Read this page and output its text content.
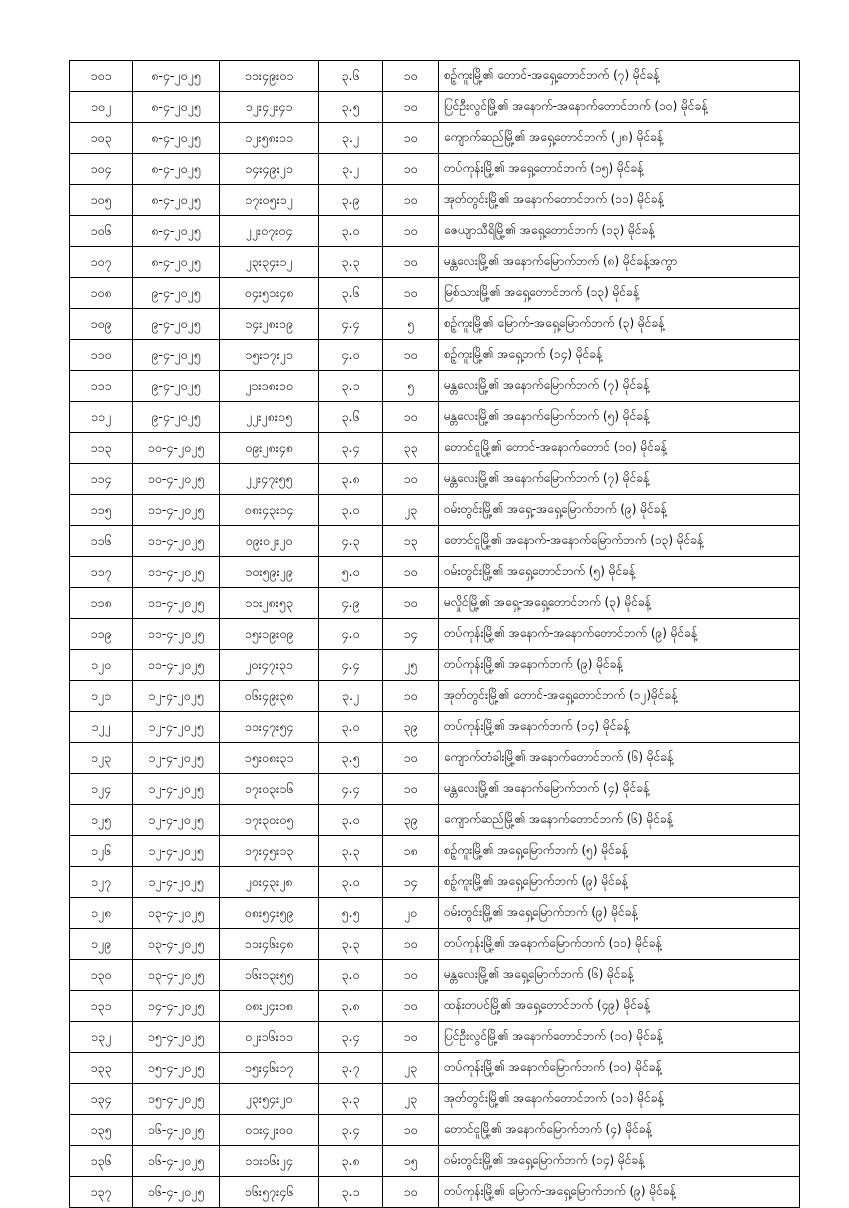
၁၀၁	၈-၄-၂၀၂၅	၁၁း၄၉း၀၁	၃.၆	၁၀	စဉ့်ကူးမြို့၏ တောင်-အရှေ့တောင်ဘက် (၇) မိုင်ခန့်
၁၀၂	၈-၄-၂၀၂၅	၁၂း၄၂း၄၁	၃.၅	၁၀	ပြင်ဦးလွင်မြို့၏ အနောက်-အနောက်တောင်ဘက် (၁၀) မိုင်ခန့်
၁၀၃	၈-၄-၂၀၂၅	၁၂း၅၈း၁၁	၃.၂	၁၀	ကျောက်ဆည်မြို့၏ အရှေ့တောင်ဘက် (၂၈) မိုင်ခန့်
၁၀၄	၈-၄-၂၀၂၅	၁၄း၄၉း၂၁	၃.၂	၁၀	တပ်ကုန်းမြို့၏ အရှေ့တောင်ဘက် (၁၅) မိုင်ခန့်
၁၀၅	၈-၄-၂၀၂၅	၁၇း၀၅း၁၂	၃.၉	၁၀	အုတ်တွင်းမြို့၏ အနောက်တောင်ဘက် (၁၁) မိုင်ခန့်
၁၀၆	၈-၄-၂၀၂၅	၂၂း၀၇း၀၄	၃.၀	၁၀	ဇေယျာသီရိမြို့၏ အရှေ့တောင်ဘက် (၁၃) မိုင်ခန့်
၁၀၇	၈-၄-၂၀၂၅	၂၃း၃၄း၁၂	၃.၃	၁၀	မန္တလေးမြို့၏ အနောက်မြောက်ဘက် (၈) မိုင်ခန့်အကွာ
၁၀၈	၉-၄-၂၀၂၅	၀၄း၅၁း၄၈	၃.၆	၁၀	မြစ်သားမြို့၏ အရှေ့တောင်ဘက် (၁၃) မိုင်ခန့်
၁၀၉	၉-၄-၂၀၂၅	၁၄း၂၈း၁၉	၄.၄	၅	စဉ့်ကူးမြို့၏ မြောက်-အရှေ့မြောက်ဘက် (၃) မိုင်ခန့်
၁၁၀	၉-၄-၂၀၂၅	၁၅း၁၇း၂၁	၄.၀	၁၀	စဉ့်ကူးမြို့၏ အရှေ့ဘက် (၁၄) မိုင်ခန့်
၁၁၁	၉-၄-၂၀၂၅	၂၁း၁၈း၁၀	၃.၁	၅	မန္တလေးမြို့၏ အနောက်မြောက်ဘက် (၇) မိုင်ခန့်
၁၁၂	၉-၄-၂၀၂၅	၂၂း၂၈း၁၅	၃.၆	၁၀	မန္တလေးမြို့၏ အနောက်မြောက်ဘက် (၅) မိုင်ခန့်
၁၁၃	၁၀-၄-၂၀၂၅	၀၉း၂၈း၄၈	၃.၄	၃၃	တောင်ငူမြို့၏ တောင်-အနောက်တောင် (၁၀) မိုင်ခန့်
၁၁၄	၁၀-၄-၂၀၂၅	၂၂း၄၇း၅၅	၃.၈	၁၀	မန္တလေးမြို့၏ အနောက်မြောက်ဘက် (၇) မိုင်ခန့်
၁၁၅	၁၁-၄-၂၀၂၅	၀၈း၄၃း၁၄	၃.၀	၂၃	ဝမ်းတွင်းမြို့၏ အရှေ့-အရှေ့မြောက်ဘက် (၉) မိုင်ခန့်
၁၁၆	၁၁-၄-၂၀၂၅	၀၉း၀၂း၂၀	၄.၃	၁၃	တောင်ငူမြို့၏ အနောက်-အနောက်မြောက်ဘက် (၁၃) မိုင်ခန့်
၁၁၇	၁၁-၄-၂၀၂၅	၁၀း၅၉း၂၉	၅.၀	၁၀	ဝမ်းတွင်းမြို့၏ အရှေ့တောင်ဘက် (၅) မိုင်ခန့်
၁၁၈	၁၁-၄-၂၀၂၅	၁၁း၂၈း၅၃	၄.၉	၁၀	မလှိုင်မြို့၏ အရှေ့-အရှေ့တောင်ဘက် (၃) မိုင်ခန့်
၁၁၉	၁၁-၄-၂၀၂၅	၁၅း၁၉း၀၉	၄.၀	၁၄	တပ်ကုန်းမြို့၏ အနောက်-အနောက်တောင်ဘက် (၉) မိုင်ခန့်
၁၂၀	၁၁-၄-၂၀၂၅	၂၀း၄၇း၃၁	၄.၄	၂၅	တပ်ကုန်းမြို့၏ အနောက်ဘက် (၉) မိုင်ခန့်
၁၂၁	၁၂-၄-၂၀၂၅	၀၆း၄၉း၃၈	၃.၂	၁၀	အုတ်တွင်းမြို့၏ တောင်-အရှေ့တောင်ဘက် (၁၂)မိုင်ခန့်
၁၂၂	၁၂-၄-၂၀၂၅	၁၁း၄၇း၅၄	၃.၀	၃၉	တပ်ကုန်းမြို့၏ အနောက်ဘက် (၁၄) မိုင်ခန့်
၁၂၃	၁၂-၄-၂၀၂၅	၁၅း၀၈း၃၁	၃.၅	၁၀	ကျောက်တံခါးမြို့၏ အနောက်တောင်ဘက် (၆) မိုင်ခန့်
၁၂၄	၁၂-၄-၂၀၂၅	၁၇း၀၃း၁၆	၄.၄	၁၀	မန္တလေးမြို့၏ အနောက်မြောက်ဘက် (၄) မိုင်ခန့်
၁၂၅	၁၂-၄-၂၀၂၅	၁၇း၃၀း၀၅	၃.၀	၃၉	ကျောက်ဆည်မြို့၏ အနောက်တောင်ဘက် (၆) မိုင်ခန့်
၁၂၆	၁၂-၄-၂၀၂၅	၁၇း၄၅း၁၃	၃.၃	၁၈	စဉ့်ကူးမြို့၏ အရှေ့မြောက်ဘက် (၅) မိုင်ခန့်
၁၂၇	၁၂-၄-၂၀၂၅	၂၀း၄၃း၂၈	၃.၀	၁၄	စဉ့်ကူးမြို့၏ အရှေ့မြောက်ဘက် (၉) မိုင်ခန့်
၁၂၈	၁၃-၄-၂၀၂၅	၀၈း၅၄း၅၉	၅.၅	၂၀	ဝမ်းတွင်းမြို့၏ အရှေ့မြောက်ဘက် (၉) မိုင်ခန့်
၁၂၉	၁၃-၄-၂၀၂၅	၁၁း၄၆း၄၈	၃.၃	၁၀	တပ်ကုန်းမြို့၏ အနောက်မြောက်ဘက် (၁၁) မိုင်ခန့်
၁၃၀	၁၃-၄-၂၀၂၅	၁၆း၁၃း၅၅	၃.၀	၁၀	မန္တလေးမြို့၏ အရှေ့မြောက်ဘက် (၆) မိုင်ခန့်
၁၃၁	၁၄-၄-၂၀၂၅	၀၈း၂၄း၁၈	၃.၈	၁၀	ထန်းတပင်မြို့၏ အရှေ့တောင်ဘက် (၄၉) မိုင်ခန့်
၁၃၂	၁၅-၄-၂၀၂၅	၀၂း၁၆း၁၁	၃.၄	၁၀	ပြင်ဦးလွင်မြို့၏ အနောက်တောင်ဘက် (၁၀) မိုင်ခန့်
၁၃၃	၁၅-၄-၂၀၂၅	၁၅း၄၆း၁၇	၃.၇	၂၃	တပ်ကုန်းမြို့၏ အနောက်မြောက်ဘက် (၁၀) မိုင်ခန့်
၁၃၄	၁၅-၄-၂၀၂၅	၂၃း၅၄း၂၀	၃.၃	၂၃	အုတ်တွင်းမြို့၏ အနောက်တောင်ဘက် (၁၁) မိုင်ခန့်
၁၃၅	၁၆-၄-၂၀၂၅	၀၁း၄၂း၀၀	၃.၄	၁၀	တောင်ငူမြို့၏ အနောက်မြောက်ဘက် (၄) မိုင်ခန့်
၁၃၆	၁၆-၄-၂၀၂၅	၁၁း၁၆း၂၄	၃.၈	၁၅	ဝမ်းတွင်းမြို့၏ အရှေ့မြောက်ဘက် (၁၄) မိုင်ခန့်
၁၃၇	၁၆-၄-၂၀၂၅	၁၆း၅၇း၄၆	၃.၁	၁၀	တပ်ကုန်းမြို့၏ မြောက်-အရှေ့မြောက်ဘက် (၉) မိုင်ခန့်
